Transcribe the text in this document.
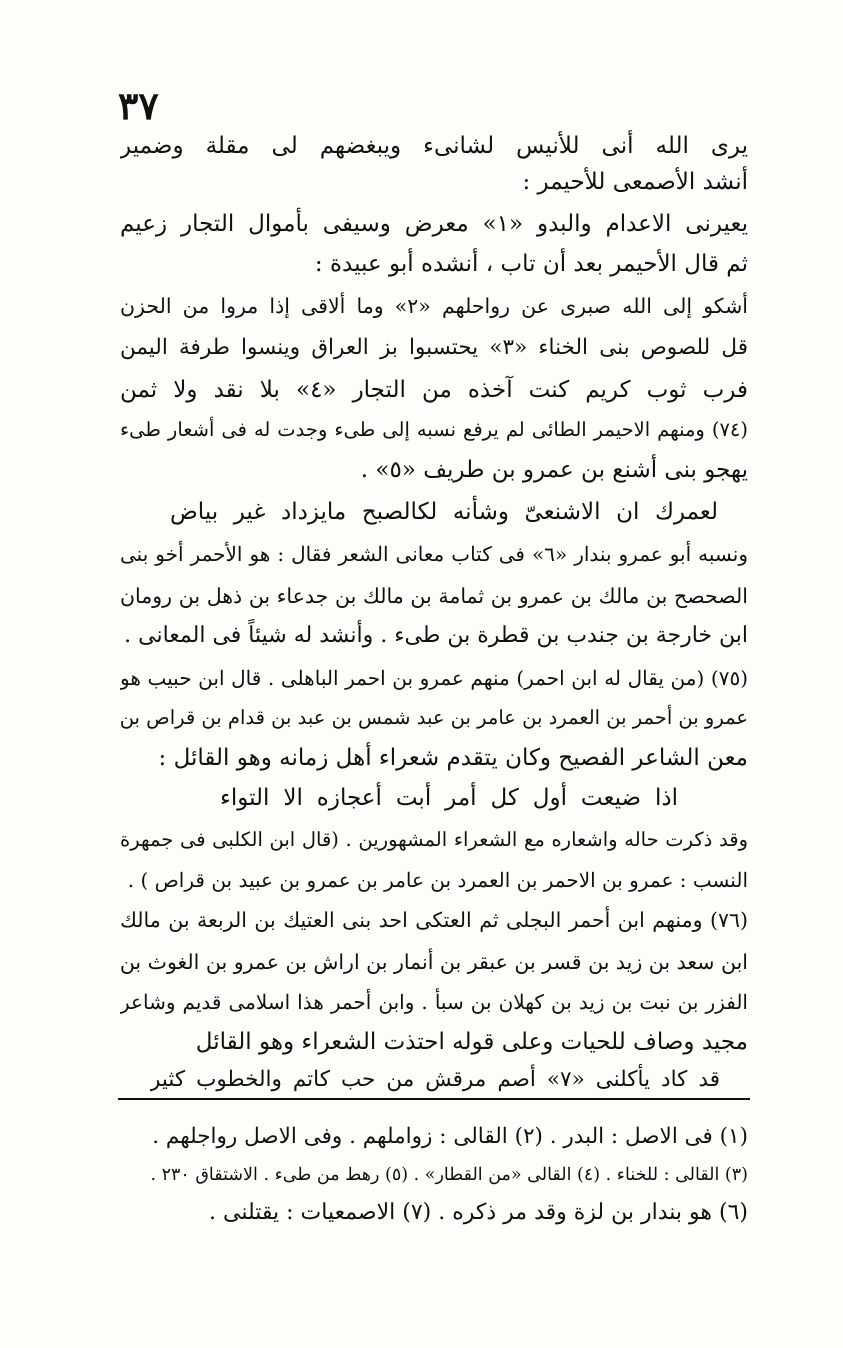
٣٧
يرى الله أنى للأنيس لشانىء ويبغضهم لى مقلة وضمير
أنشد الأصمعى للأحيمر :
يعيرنى الاعدام والبدو «١» معرض وسيفى بأموال التجار زعيم
ثم قال الأحيمر بعد أن تاب ، أنشده أبو عبيدة :
أشكو إلى الله صبرى عن رواحلهم «٢» وما ألاقى إذا مروا من الحزن
قل للصوص بنى الخناء «٣» يحتسبوا بز العراق وينسوا طرفة اليمن
فرب ثوب كريم كنت آخذه من التجار «٤» بلا نقد ولا ثمن
(٧٤) ومنهم الاحيمر الطائى لم يرفع نسبه إلى طىء وجدت له فى أشعار طىء
يهجو بنى أشنع بن عمرو بن طريف «٥» .
لعمرك ان الاشنعىّ وشأنه لكالصبح مايزداد غير بياض
ونسبه أبو عمرو بندار «٦» فى كتاب معانى الشعر فقال : هو الأحمر أخو بنى
الصحصح بن مالك بن عمرو بن ثمامة بن مالك بن جدعاء بن ذهل بن رومان
ابن خارجة بن جندب بن قطرة بن طىء . وأنشد له شيئاً فى المعانى .
(٧٥) (من يقال له ابن احمر) منهم عمرو بن احمر الباهلى . قال ابن حبيب هو
عمرو بن أحمر بن العمرد بن عامر بن عبد شمس بن عبد بن قدام بن قراص بن
معن الشاعر الفصيح وكان يتقدم شعراء أهل زمانه وهو القائل :
اذا ضيعت أول كل أمر أبت أعجازه الا التواء
وقد ذكرت حاله واشعاره مع الشعراء المشهورين . (قال ابن الكلبى فى جمهرة
النسب : عمرو بن الاحمر بن العمرد بن عامر بن عمرو بن عبيد بن قراص ) .
(٧٦) ومنهم ابن أحمر البجلى ثم العتكى احد بنى العتيك بن الربعة بن مالك
ابن سعد بن زيد بن قسر بن عبقر بن أنمار بن اراش بن عمرو بن الغوث بن
الفزر بن نبت بن زيد بن كهلان بن سبأ . وابن أحمر هذا اسلامى قديم وشاعر
مجيد وصاف للحيات وعلى قوله احتذت الشعراء وهو القائل
قد كاد يأكلنى «٧» أصم مرقش من حب كاتم والخطوب كثير
(١) فى الاصل : البدر . (٢) القالى : زواملهم . وفى الاصل رواجلهم .
(٣) القالى : للخناء . (٤) القالى «من القطار» . (٥) رهط من طىء . الاشتقاق ٢٣٠ .
(٦) هو بندار بن لزة وقد مر ذكره . (٧) الاصمعيات : يقتلنى .
